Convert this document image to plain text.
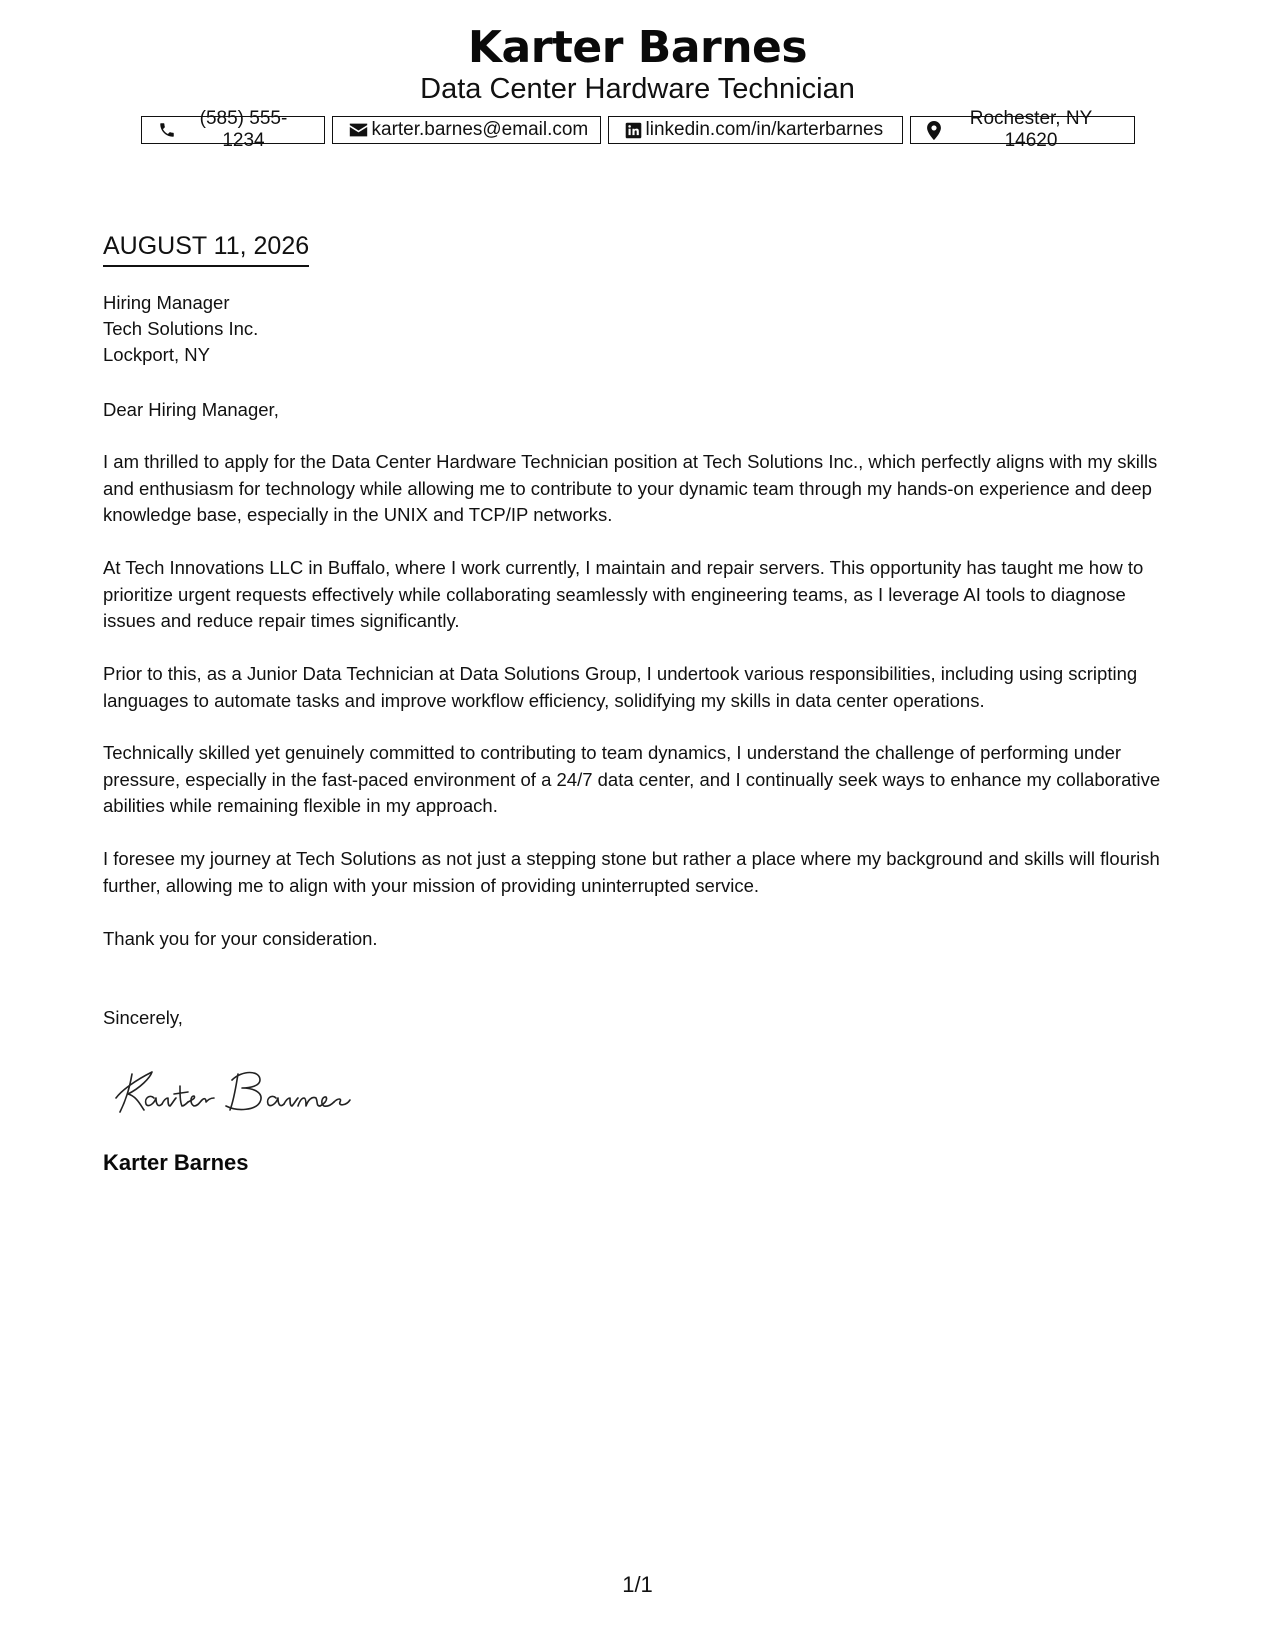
Karter Barnes
Data Center Hardware Technician
(585) 555-1234
karter.barnes@email.com	linkedin.com/in/karterbarnes
Rochester, NY 14620
AUGUST 11, 2026
Hiring Manager
Tech Solutions Inc.
Lockport, NY
Dear Hiring Manager,
I am thrilled to apply for the Data Center Hardware Technician position at Tech Solutions Inc., which perfectly aligns with my skills and enthusiasm for technology while allowing me to contribute to your dynamic team through my hands-on experience and deep knowledge base, especially in the UNIX and TCP/IP networks.
At Tech Innovations LLC in Buffalo, where I work currently, I maintain and repair servers. This opportunity has taught me how to prioritize urgent requests effectively while collaborating seamlessly with engineering teams, as I leverage AI tools to diagnose issues and reduce repair times significantly.
Prior to this, as a Junior Data Technician at Data Solutions Group, I undertook various responsibilities, including using scripting languages to automate tasks and improve workflow efficiency, solidifying my skills in data center operations.
Technically skilled yet genuinely committed to contributing to team dynamics, I understand the challenge of performing under pressure, especially in the fast-paced environment of a 24/7 data center, and I continually seek ways to enhance my collaborative abilities while remaining flexible in my approach.
I foresee my journey at Tech Solutions as not just a stepping stone but rather a place where my background and skills will flourish further, allowing me to align with your mission of providing uninterrupted service.
Thank you for your consideration.
Sincerely,
Karter Barnes
1/1
